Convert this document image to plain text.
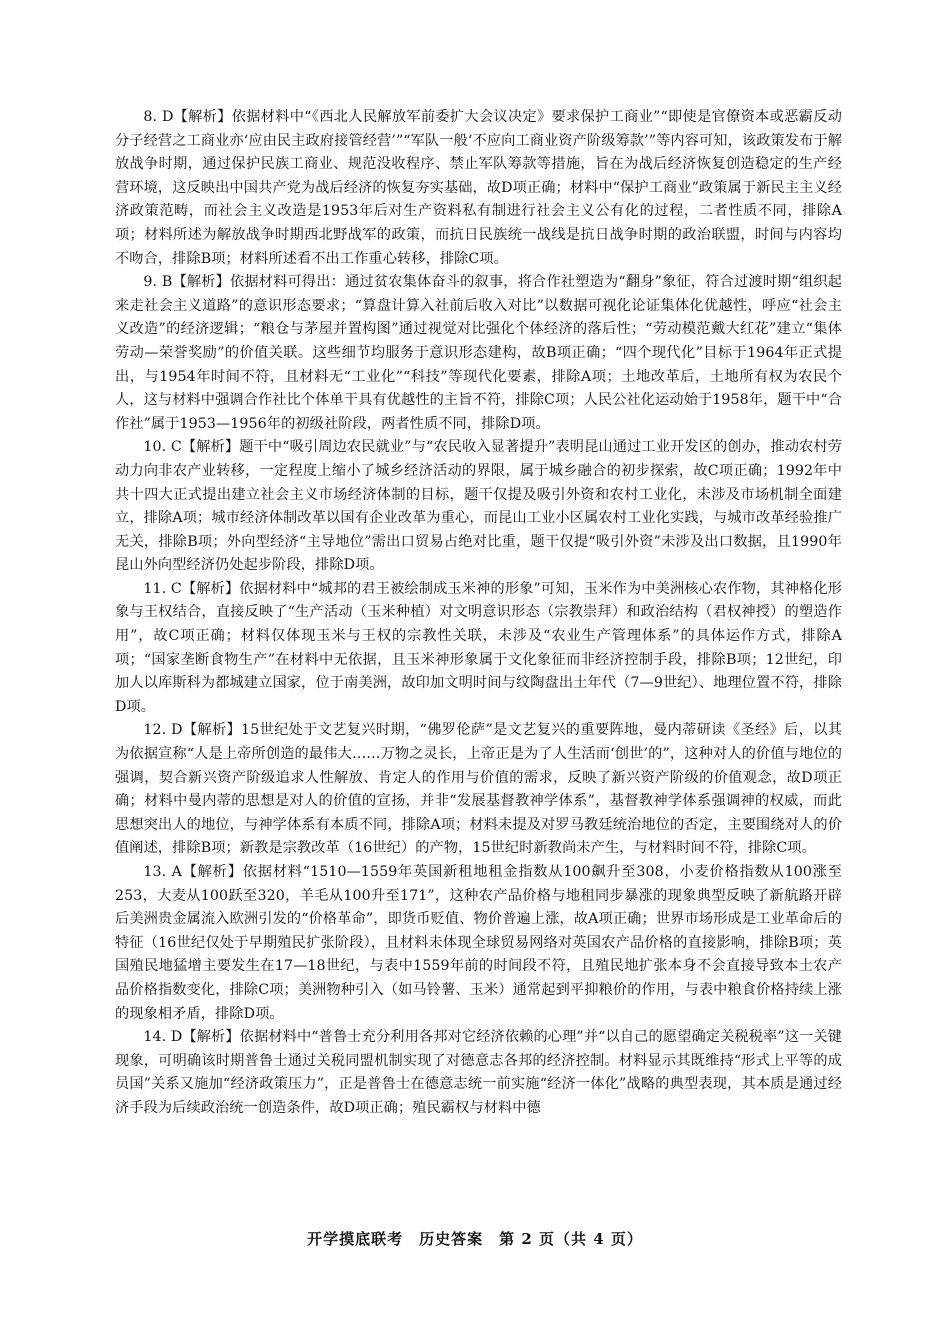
8. D【解析】依据材料中“《西北人民解放军前委扩大会议决定》要求保护工商业”“即使是官僚资本或恶霸反动分子经营之工商业亦‘应由民主政府接管经营’”“军队一般‘不应向工商业资产阶级筹款’”等内容可知，该政策发布于解放战争时期，通过保护民族工商业、规范没收程序、禁止军队筹款等措施，旨在为战后经济恢复创造稳定的生产经营环境，这反映出中国共产党为战后经济的恢复夯实基础，故D项正确；材料中“保护工商业”政策属于新民主主义经济政策范畴，而社会主义改造是1953年后对生产资料私有制进行社会主义公有化的过程，二者性质不同，排除A项；材料所述为解放战争时期西北野战军的政策，而抗日民族统一战线是抗日战争时期的政治联盟，时间与内容均不吻合，排除B项；材料所述看不出工作重心转移，排除C项。

9. B【解析】依据材料可得出：通过贫农集体奋斗的叙事，将合作社塑造为“翻身”象征，符合过渡时期“组织起来走社会主义道路”的意识形态要求；“算盘计算入社前后收入对比”以数据可视化论证集体化优越性，呼应“社会主义改造”的经济逻辑；“粮仓与茅屋并置构图”通过视觉对比强化个体经济的落后性；“劳动模范戴大红花”建立“集体劳动—荣誉奖励”的价值关联。这些细节均服务于意识形态建构，故B项正确；“四个现代化”目标于1964年正式提出，与1954年时间不符，且材料无“工业化”“科技”等现代化要素，排除A项；土地改革后，土地所有权为农民个人，这与材料中强调合作社比个体单干具有优越性的主旨不符，排除C项；人民公社化运动始于1958年，题干中“合作社”属于1953—1956年的初级社阶段，两者性质不同，排除D项。

10. C【解析】题干中“吸引周边农民就业”与“农民收入显著提升”表明昆山通过工业开发区的创办，推动农村劳动力向非农产业转移，一定程度上缩小了城乡经济活动的界限，属于城乡融合的初步探索，故C项正确；1992年中共十四大正式提出建立社会主义市场经济体制的目标，题干仅提及吸引外资和农村工业化，未涉及市场机制全面建立，排除A项；城市经济体制改革以国有企业改革为重心，而昆山工业小区属农村工业化实践，与城市改革经验推广无关，排除B项；外向型经济“主导地位”需出口贸易占绝对比重，题干仅提“吸引外资”未涉及出口数据，且1990年昆山外向型经济仍处起步阶段，排除D项。

11. C【解析】依据材料中“城邦的君王被绘制成玉米神的形象”可知，玉米作为中美洲核心农作物，其神格化形象与王权结合，直接反映了“生产活动（玉米种植）对文明意识形态（宗教崇拜）和政治结构（君权神授）的塑造作用”，故C项正确；材料仅体现玉米与王权的宗教性关联，未涉及“农业生产管理体系”的具体运作方式，排除A项；“国家垄断食物生产”在材料中无依据，且玉米神形象属于文化象征而非经济控制手段，排除B项；12世纪，印加人以库斯科为都城建立国家，位于南美洲，故印加文明时间与纹陶盘出土年代（7—9世纪）、地理位置不符，排除D项。

12. D【解析】15世纪处于文艺复兴时期，“佛罗伦萨”是文艺复兴的重要阵地，曼内蒂研读《圣经》后，以其为依据宣称“人是上帝所创造的最伟大……万物之灵长，上帝正是为了人生活而‘创世’的”，这种对人的价值与地位的强调，契合新兴资产阶级追求人性解放、肯定人的作用与价值的需求，反映了新兴资产阶级的价值观念，故D项正确；材料中曼内蒂的思想是对人的价值的宣扬，并非“发展基督教神学体系”，基督教神学体系强调神的权威，而此思想突出人的地位，与神学体系有本质不同，排除A项；材料未提及对罗马教廷统治地位的否定，主要围绕对人的价值阐述，排除B项；新教是宗教改革（16世纪）的产物，15世纪时新教尚未产生，与材料时间不符，排除C项。

13. A【解析】依据材料“1510—1559年英国新租地租金指数从100飙升至308，小麦价格指数从100涨至253，大麦从100跃至320，羊毛从100升至171”，这种农产品价格与地租同步暴涨的现象典型反映了新航路开辟后美洲贵金属流入欧洲引发的“价格革命”，即货币贬值、物价普遍上涨，故A项正确；世界市场形成是工业革命后的特征（16世纪仅处于早期殖民扩张阶段），且材料未体现全球贸易网络对英国农产品价格的直接影响，排除B项；英国殖民地猛增主要发生在17—18世纪，与表中1559年前的时间段不符，且殖民地扩张本身不会直接导致本土农产品价格指数变化，排除C项；美洲物种引入（如马铃薯、玉米）通常起到平抑粮价的作用，与表中粮食价格持续上涨的现象相矛盾，排除D项。

14. D【解析】依据材料中“普鲁士充分利用各邦对它经济依赖的心理”并“以自己的愿望确定关税税率”这一关键现象，可明确该时期普鲁士通过关税同盟机制实现了对德意志各邦的经济控制。材料显示其既维持“形式上平等的成员国”关系又施加“经济政策压力”，正是普鲁士在德意志统一前实施“经济一体化”战略的典型表现，其本质是通过经济手段为后续政治统一创造条件，故D项正确；殖民霸权与材料中德

开学摸底联考　历史答案　第 2 页（共 4 页）
